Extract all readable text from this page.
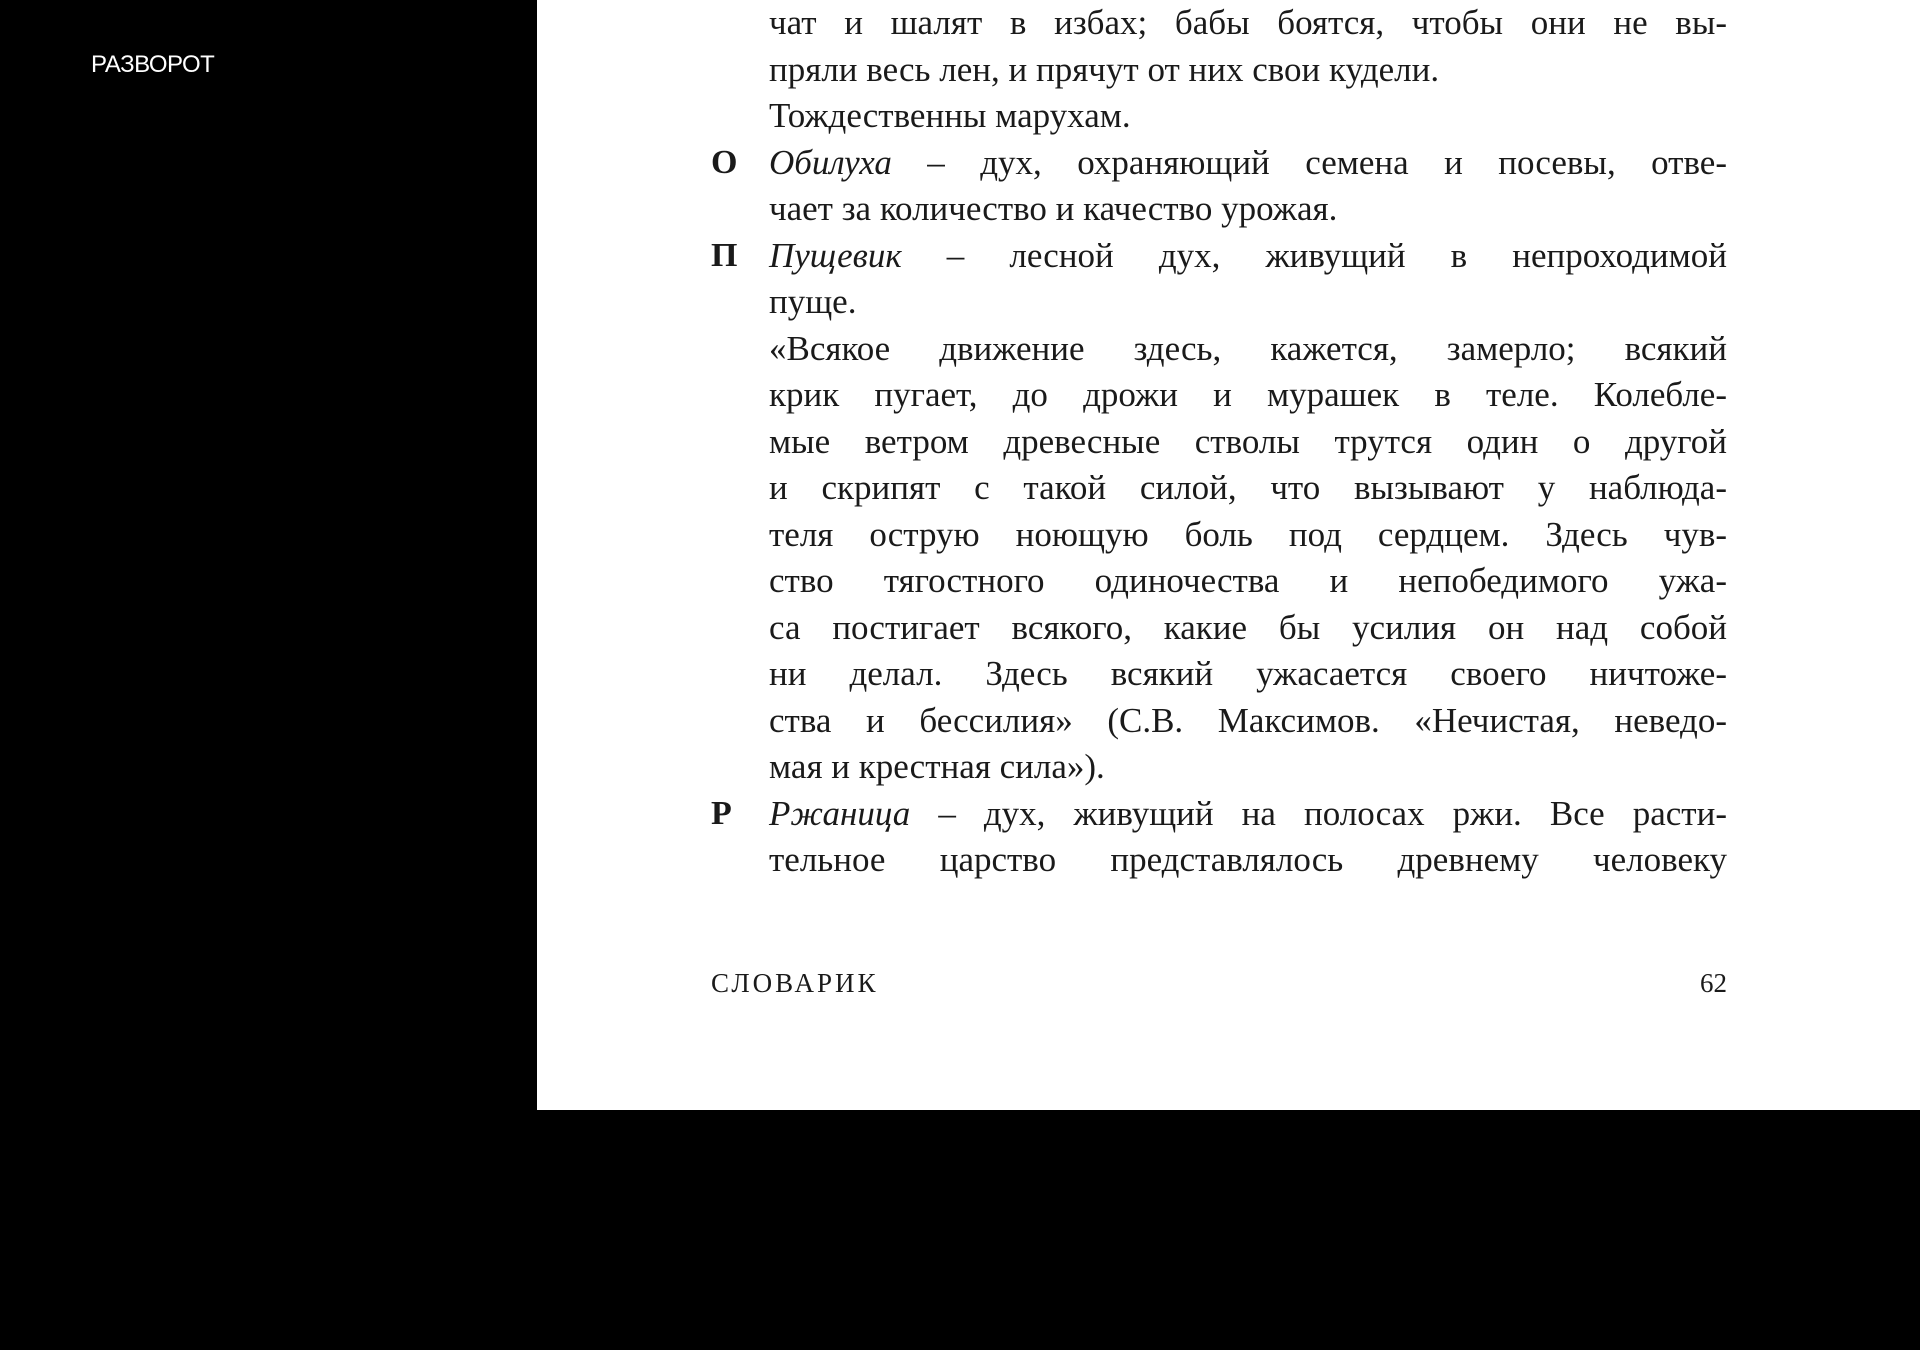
РАЗВОРОТ
чат и шалят в избах; бабы боятся, чтобы они не вы-
пряли весь лен, и прячут от них свои кудели.
Тождественны марухам.
О Обилуха – дух, охраняющий семена и посевы, отве-
чает за количество и качество урожая.
П Пущевик – лесной дух, живущий в непроходимой
пуще.
«Всякое движение здесь, кажется, замерло; всякий
крик пугает, до дрожи и мурашек в теле. Колебле-
мые ветром древесные стволы трутся один о другой
и скрипят с такой силой, что вызывают у наблюда-
теля острую ноющую боль под сердцем. Здесь чув-
ство тягостного одиночества и непобедимого ужа-
са постигает всякого, какие бы усилия он над собой
ни делал. Здесь всякий ужасается своего ничтоже-
ства и бессилия» (С.В. Максимов. «Нечистая, неведо-
мая и крестная сила»).
Р Ржаница – дух, живущий на полосах ржи. Все расти-
тельное царство представлялось древнему человеку
СЛОВАРИК	62
